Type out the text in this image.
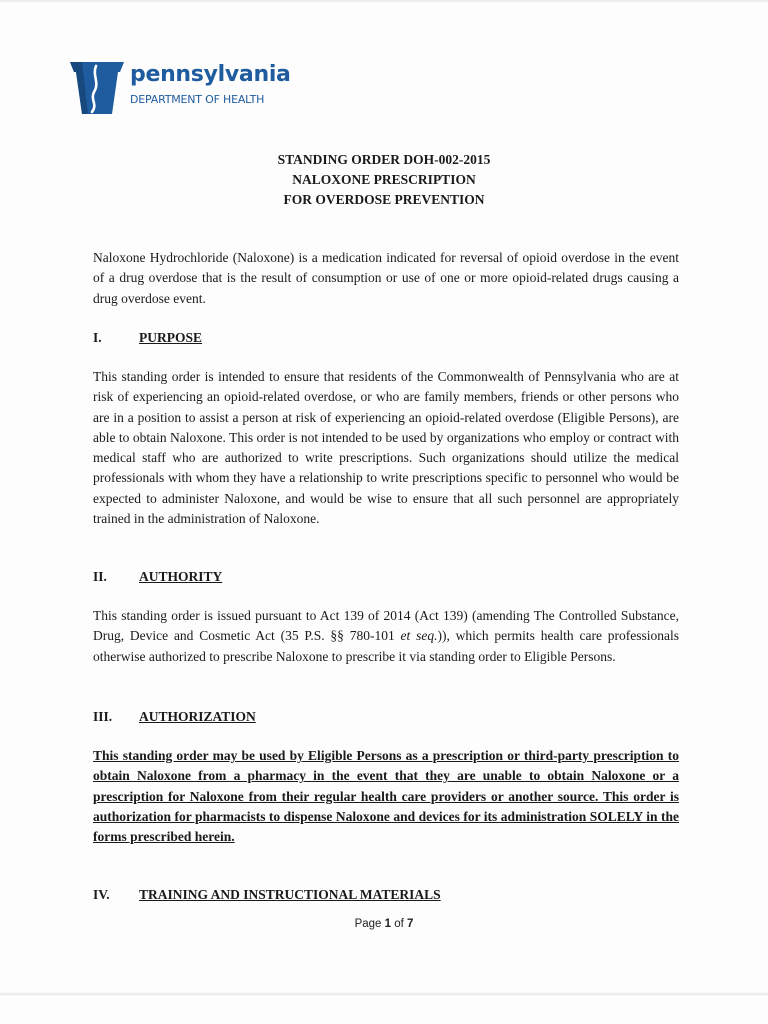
pennsylvania
DEPARTMENT OF HEALTH
STANDING ORDER DOH-002-2015
NALOXONE PRESCRIPTION
FOR OVERDOSE PREVENTION

Naloxone Hydrochloride (Naloxone) is a medication indicated for reversal of opioid overdose in the event of a drug overdose that is the result of consumption or use of one or more opioid-related drugs causing a drug overdose event.

I.	PURPOSE

This standing order is intended to ensure that residents of the Commonwealth of Pennsylvania who are at risk of experiencing an opioid-related overdose, or who are family members, friends or other persons who are in a position to assist a person at risk of experiencing an opioid-related overdose (Eligible Persons), are able to obtain Naloxone. This order is not intended to be used by organizations who employ or contract with medical staff who are authorized to write prescriptions. Such organizations should utilize the medical professionals with whom they have a relationship to write prescriptions specific to personnel who would be expected to administer Naloxone, and would be wise to ensure that all such personnel are appropriately trained in the administration of Naloxone.

II. AUTHORITY

This standing order is issued pursuant to Act 139 of 2014 (Act 139) (amending The Controlled Substance, Drug, Device and Cosmetic Act (35 P.S. §§ 780-101 et seq.)), which permits health care professionals otherwise authorized to prescribe Naloxone to prescribe it via standing order to Eligible Persons.

III. AUTHORIZATION

This standing order may be used by Eligible Persons as a prescription or third-party prescription to obtain Naloxone from a pharmacy in the event that they are unable to obtain Naloxone or a prescription for Naloxone from their regular health care providers or another source. This order is authorization for pharmacists to dispense Naloxone and devices for its administration SOLELY in the forms prescribed herein.

IV. TRAINING AND INSTRUCTIONAL MATERIALS
Page 1 of 7
